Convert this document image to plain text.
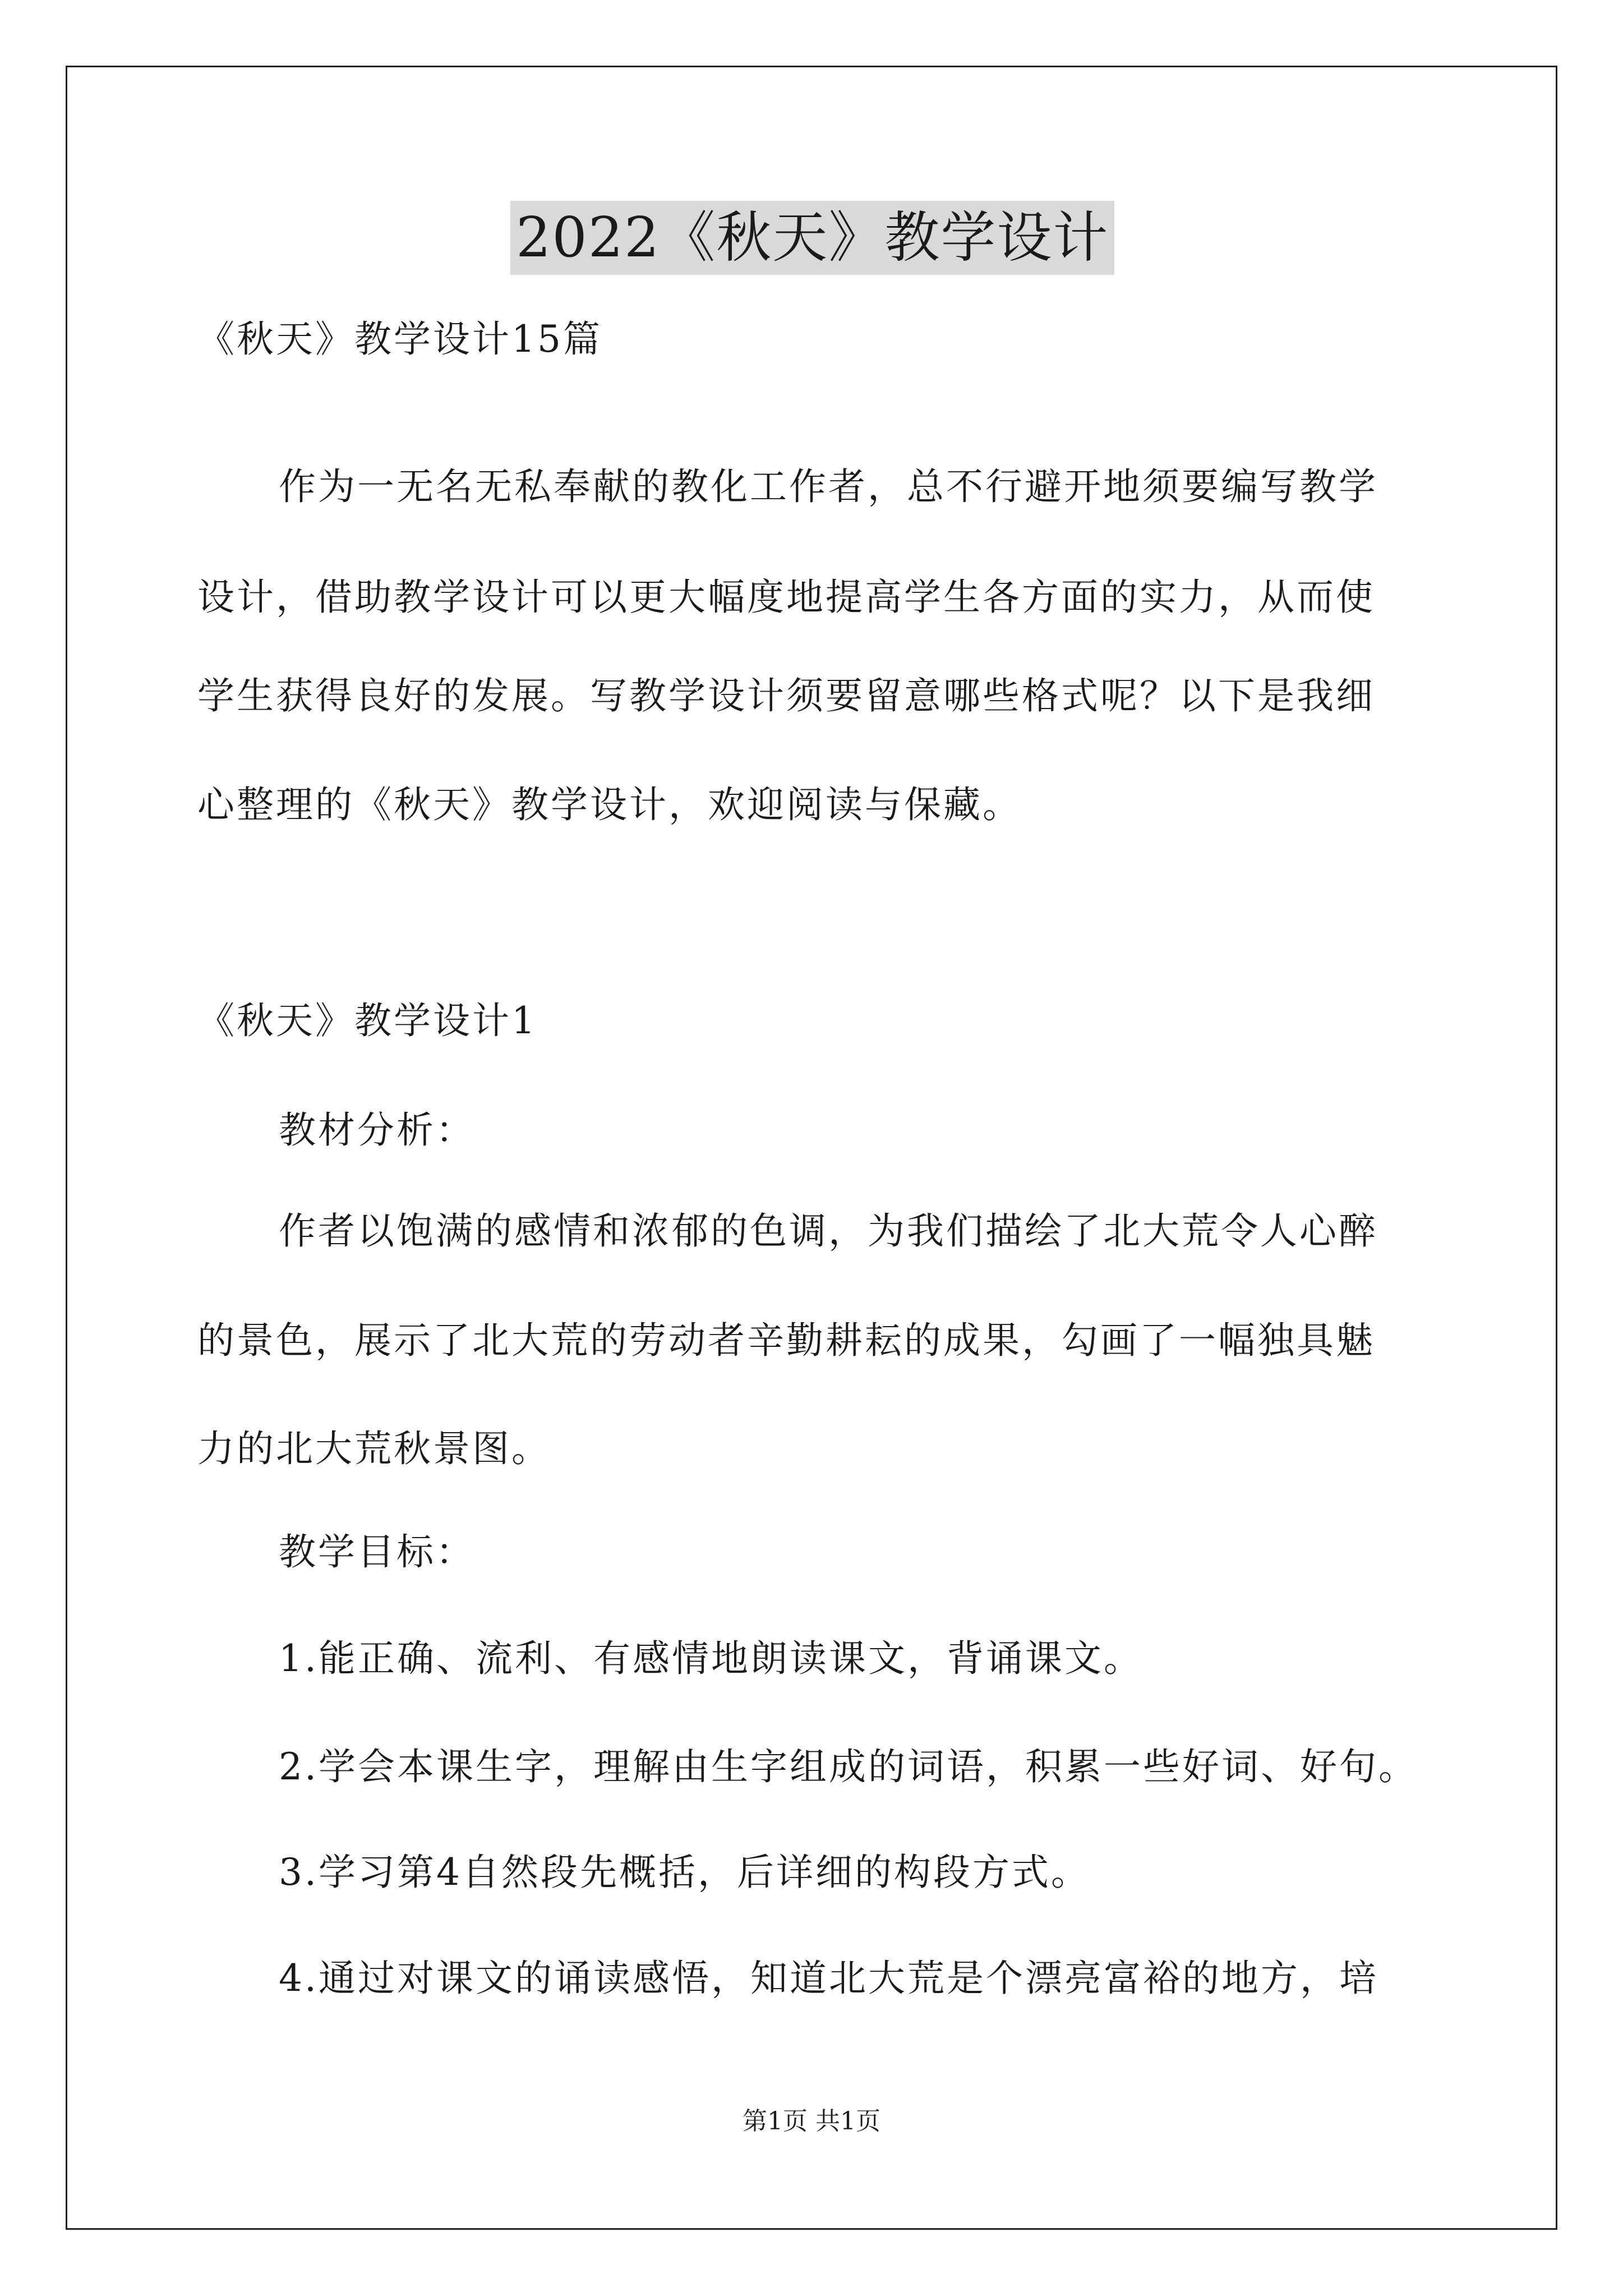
2022《秋天》教学设计
《秋天》教学设计15篇
作为一无名无私奉献的教化工作者，总不行避开地须要编写教学
设计，借助教学设计可以更大幅度地提高学生各方面的实力，从而使
学生获得良好的发展。写教学设计须要留意哪些格式呢？以下是我细
心整理的《秋天》教学设计，欢迎阅读与保藏。
《秋天》教学设计1
教材分析：
作者以饱满的感情和浓郁的色调，为我们描绘了北大荒令人心醉
的景色，展示了北大荒的劳动者辛勤耕耘的成果，勾画了一幅独具魅
力的北大荒秋景图。
教学目标：
1.能正确、流利、有感情地朗读课文，背诵课文。
2.学会本课生字，理解由生字组成的词语，积累一些好词、好句。
3.学习第4自然段先概括，后详细的构段方式。
4.通过对课文的诵读感悟，知道北大荒是个漂亮富裕的地方，培
第1页 共1页
